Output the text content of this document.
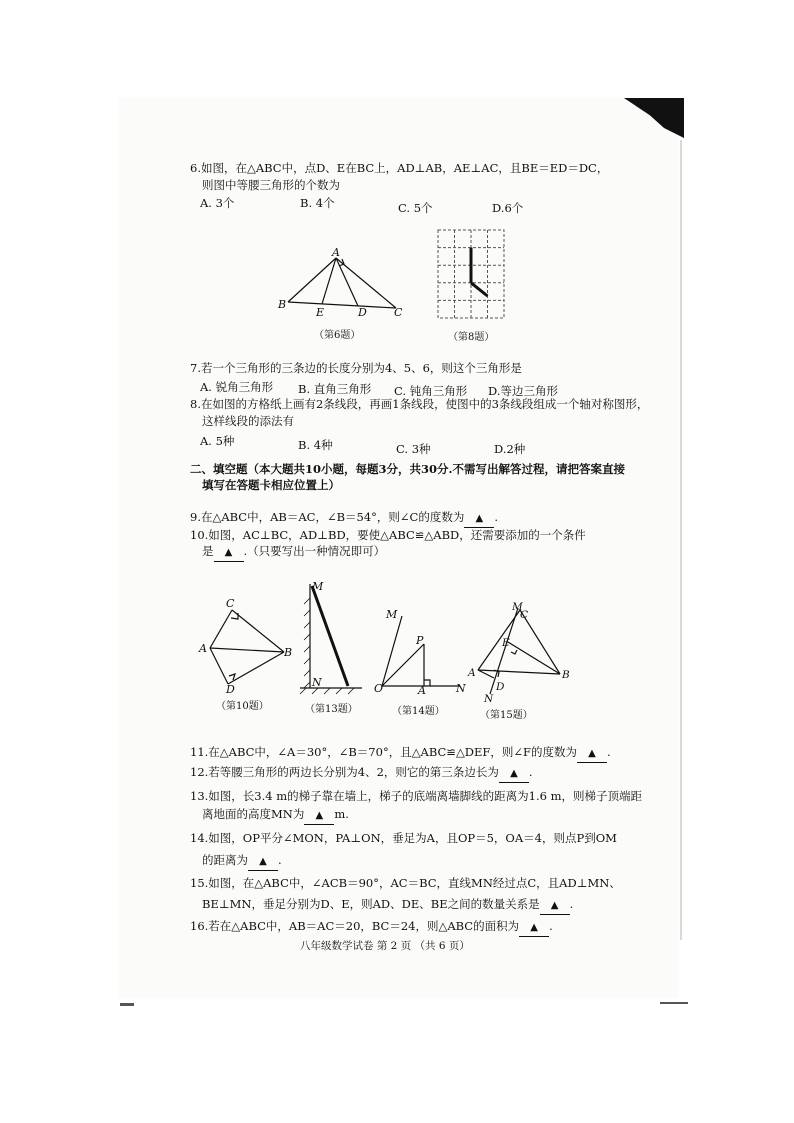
6.如图，在△ABC中，点D、E在BC上，AD⊥AB，AE⊥AC，且BE＝ED＝DC，
则图中等腰三角形的个数为
A. 3个	B. 4个	C. 5个	D.6个
A
B
E	D C
（第6题）	（第8题）
7.若一个三角形的三条边的长度分别为4、5、6，则这个三角形是
A. 锐角三角形 B. 直角三角形 C. 钝角三角形 D.等边三角形
8.在如图的方格纸上画有2条线段，再画1条线段，使图中的3条线段组成一个轴对称图形，
这样线段的添法有
A. 5种	B. 4种	C. 3种	D.2种
二、填空题（本大题共10小题，每题3分，共30分.不需写出解答过程，请把答案直接
填写在答题卡相应位置上）
9.在△ABC中，AB＝AC，∠B＝54°，则∠C的度数为 ▲ .
10.如图，AC⊥BC，AD⊥BD，要使△ABC≌△ABD，还需要添加的一个条件
是 ▲ .（只要写出一种情况即可）
C
A	B
D
（第10题）
M
N
（第13题）
M
P
O	A	N
（第14题）
M
C
E
A
D
B
N
（第15题）
11.在△ABC中，∠A＝30°，∠B＝70°，且△ABC≌△DEF，则∠F的度数为 ▲ .
12.若等腰三角形的两边长分别为4、2，则它的第三条边长为 ▲ .
13.如图，长3.4 m的梯子靠在墙上，梯子的底端离墙脚线的距离为1.6 m，则梯子顶端距
离地面的高度MN为 ▲ m.
14.如图，OP平分∠MON，PA⊥ON，垂足为A，且OP＝5，OA＝4，则点P到OM
的距离为 ▲ .
15.如图，在△ABC中，∠ACB＝90°，AC＝BC，直线MN经过点C，且AD⊥MN、
BE⊥MN，垂足分别为D、E，则AD、DE、BE之间的数量关系是 ▲ .
16.若在△ABC中，AB＝AC＝20，BC＝24，则△ABC的面积为 ▲ .
八年级数学试卷 第 2 页 （共 6 页）
